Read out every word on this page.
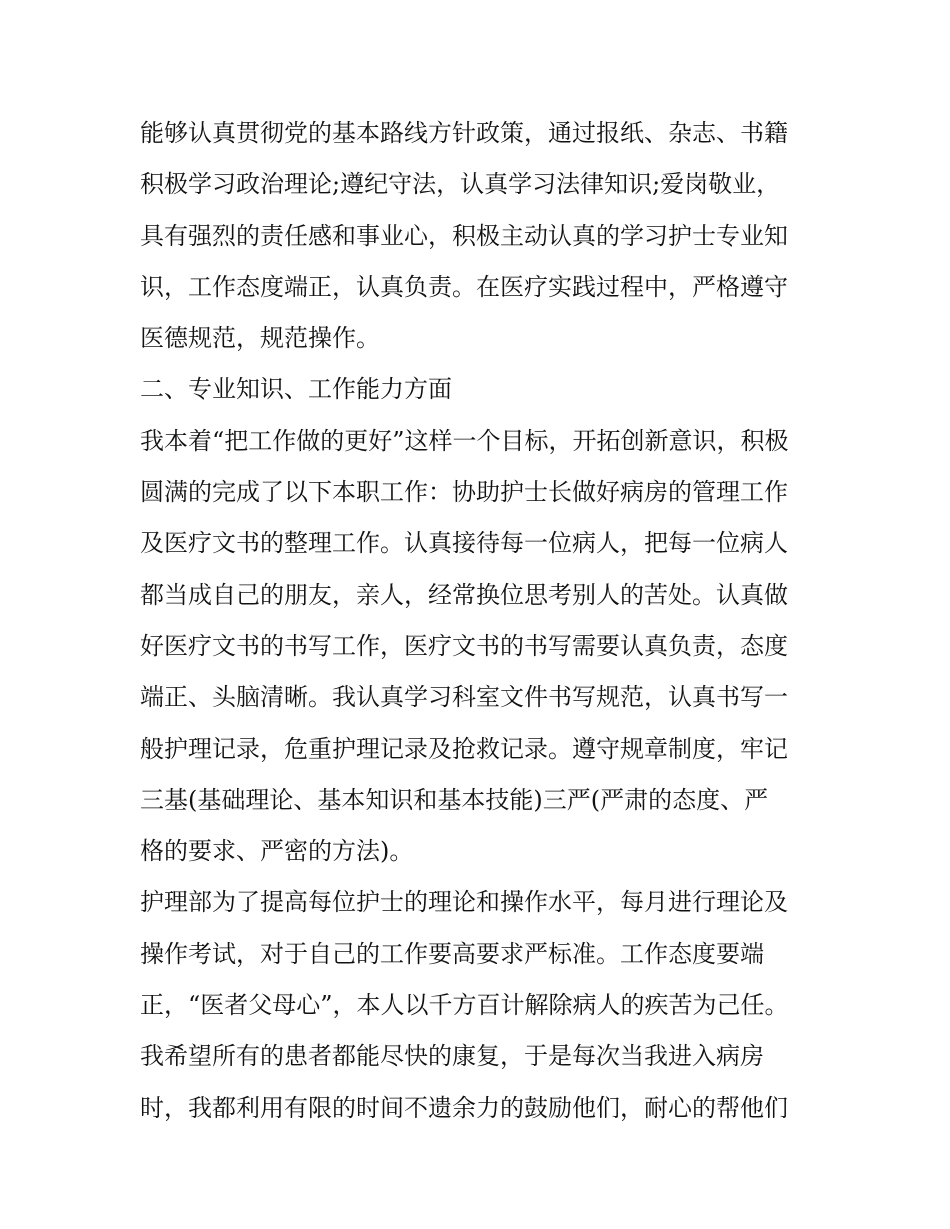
能够认真贯彻党的基本路线方针政策，通过报纸、杂志、书籍
积极学习政治理论;遵纪守法，认真学习法律知识;爱岗敬业，
具有强烈的责任感和事业心，积极主动认真的学习护士专业知
识，工作态度端正，认真负责。在医疗实践过程中，严格遵守
医德规范，规范操作。
二、专业知识、工作能力方面
我本着“把工作做的更好”这样一个目标，开拓创新意识，积极
圆满的完成了以下本职工作：协助护士长做好病房的管理工作
及医疗文书的整理工作。认真接待每一位病人，把每一位病人
都当成自己的朋友，亲人，经常换位思考别人的苦处。认真做
好医疗文书的书写工作，医疗文书的书写需要认真负责，态度
端正、头脑清晰。我认真学习科室文件书写规范，认真书写一
般护理记录，危重护理记录及抢救记录。遵守规章制度，牢记
三基(基础理论、基本知识和基本技能)三严(严肃的态度、严
格的要求、严密的方法)。
护理部为了提高每位护士的理论和操作水平，每月进行理论及
操作考试，对于自己的工作要高要求严标准。工作态度要端
正，“医者父母心”，本人以千方百计解除病人的疾苦为己任。
我希望所有的患者都能尽快的康复，于是每次当我进入病房
时，我都利用有限的时间不遗余力的鼓励他们，耐心的帮他们
